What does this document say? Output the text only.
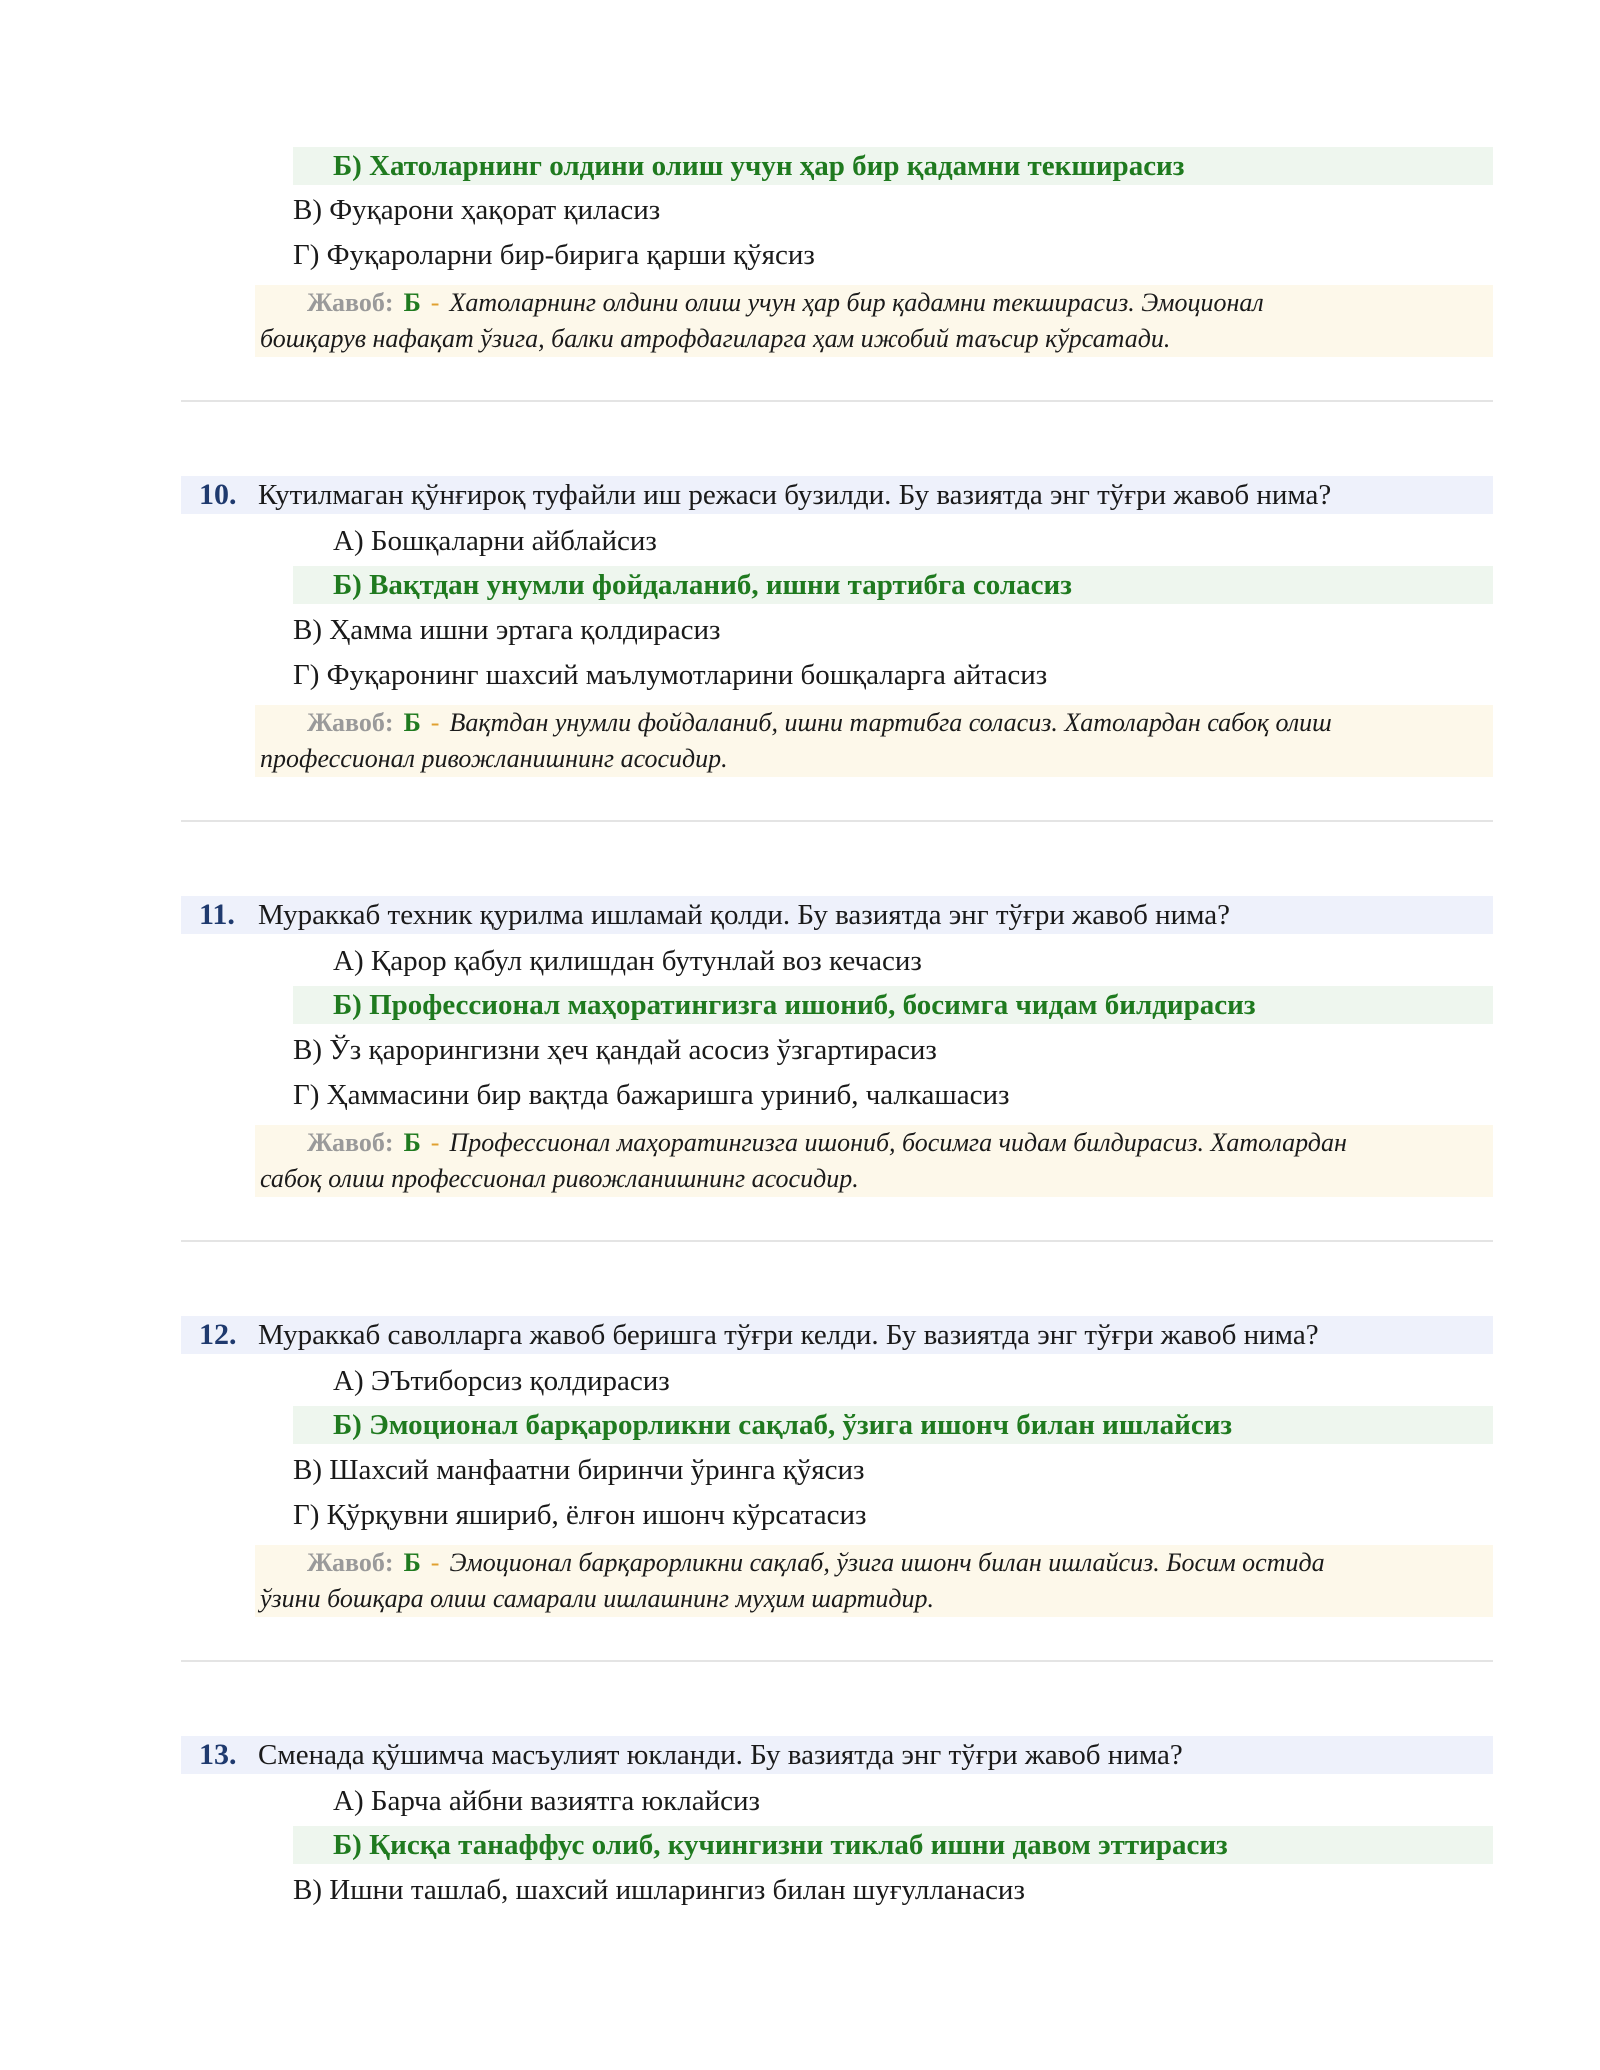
Б) Хатоларнинг олдини олиш учун ҳар бир қадамни текширасиз
В) Фуқарони ҳақорат қиласиз
Г) Фуқароларни бир-бирига қарши қўясиз
Жавоб: Б - Хатоларнинг олдини олиш учун ҳар бир қадамни текширасиз. Эмоционал
бошқарув нафақат ўзига, балки атрофдагиларга ҳам ижобий таъсир кўрсатади.
10. Кутилмаган қўнғироқ туфайли иш режаси бузилди. Бу вазиятда энг тўғри жавоб нима?
А) Бошқаларни айблайсиз
Б) Вақтдан унумли фойдаланиб, ишни тартибга соласиз
В) Ҳамма ишни эртага қолдирасиз
Г) Фуқаронинг шахсий маълумотларини бошқаларга айтасиз
Жавоб: Б - Вақтдан унумли фойдаланиб, ишни тартибга соласиз. Хатолардан сабоқ олиш
профессионал ривожланишнинг асосидир.
11. Мураккаб техник қурилма ишламай қолди. Бу вазиятда энг тўғри жавоб нима?
А) Қарор қабул қилишдан бутунлай воз кечасиз
Б) Профессионал маҳоратингизга ишониб, босимга чидам билдирасиз
В) Ўз қарорингизни ҳеч қандай асосиз ўзгартирасиз
Г) Ҳаммасини бир вақтда бажаришга уриниб, чалкашасиз
Жавоб: Б - Профессионал маҳоратингизга ишониб, босимга чидам билдирасиз. Хатолардан
сабоқ олиш профессионал ривожланишнинг асосидир.
12. Мураккаб саволларга жавоб беришга тўғри келди. Бу вазиятда энг тўғри жавоб нима?
А) ЭЪтиборсиз қолдирасиз
Б) Эмоционал барқарорликни сақлаб, ўзига ишонч билан ишлайсиз
В) Шахсий манфаатни биринчи ўринга қўясиз
Г) Қўрқувни яшириб, ёлғон ишонч кўрсатасиз
Жавоб: Б - Эмоционал барқарорликни сақлаб, ўзига ишонч билан ишлайсиз. Босим остида
ўзини бошқара олиш самарали ишлашнинг муҳим шартидир.
13. Сменада қўшимча масъулият юкланди. Бу вазиятда энг тўғри жавоб нима?
А) Барча айбни вазиятга юклайсиз
Б) Қисқа танаффус олиб, кучингизни тиклаб ишни давом эттирасиз
В) Ишни ташлаб, шахсий ишларингиз билан шуғулланасиз
